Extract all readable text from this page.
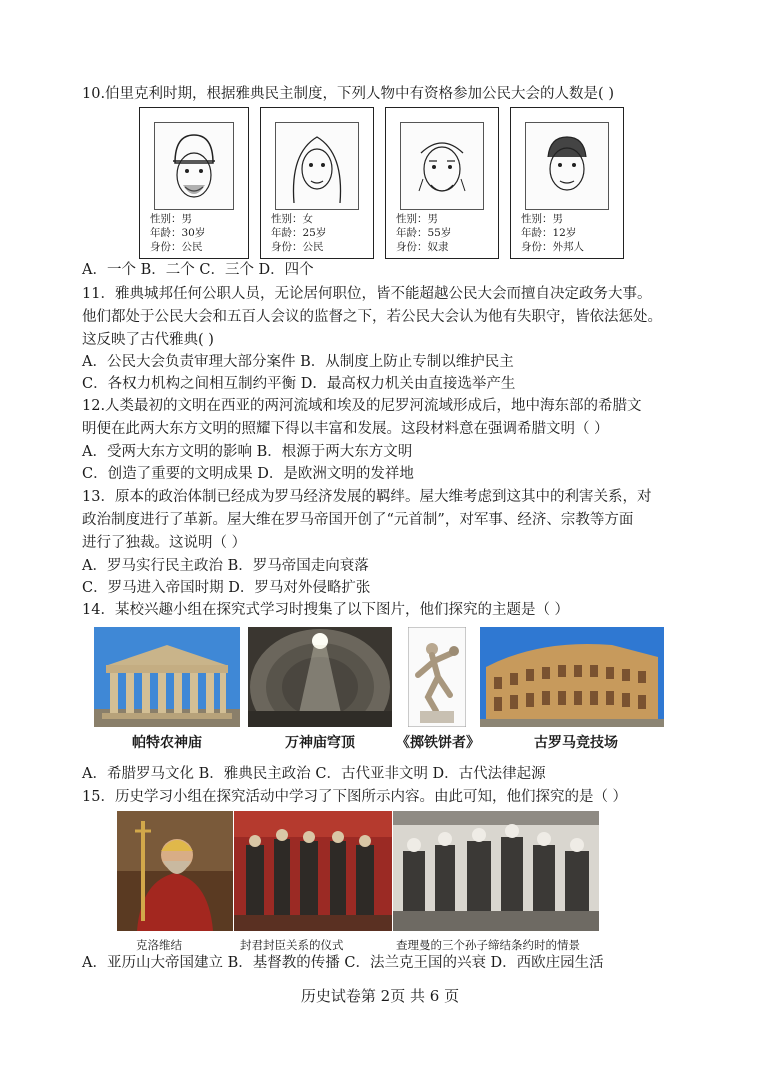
10.伯里克利时期，根据雅典民主制度，下列人物中有资格参加公民大会的人数是( )
性别：男
年龄：30岁
身份：公民
性别：女
年龄：25岁
身份：公民
性别：男
年龄：55岁
身份：奴隶
性别：男
年龄：12岁
身份：外邦人
A．一个 B．二个 C．三个 D．四个
11．雅典城邦任何公职人员，无论居何职位，皆不能超越公民大会而擅自决定政务大事。
他们都处于公民大会和五百人会议的监督之下，若公民大会认为他有失职守，皆依法惩处。
这反映了古代雅典( )
A．公民大会负责审理大部分案件 B．从制度上防止专制以维护民主
C．各权力机构之间相互制约平衡 D．最高权力机关由直接选举产生
12.人类最初的文明在西亚的两河流域和埃及的尼罗河流域形成后，地中海东部的希腊文
明便在此两大东方文明的照耀下得以丰富和发展。这段材料意在强调希腊文明（ ）
A．受两大东方文明的影响 B．根源于两大东方文明
C．创造了重要的文明成果 D．是欧洲文明的发祥地
13．原本的政治体制已经成为罗马经济发展的羁绊。屋大维考虑到这其中的利害关系，对
政治制度进行了革新。屋大维在罗马帝国开创了“元首制”，对军事、经济、宗教等方面
进行了独裁。这说明（ ）
A．罗马实行民主政治 B．罗马帝国走向衰落
C．罗马进入帝国时期 D．罗马对外侵略扩张
14．某校兴趣小组在探究式学习时搜集了以下图片，他们探究的主题是（ ）
帕特农神庙	万神庙穹顶	《掷铁饼者》	古罗马竞技场
A．希腊罗马文化 B．雅典民主政治 C．古代亚非文明 D．古代法律起源
15．历史学习小组在探究活动中学习了下图所示内容。由此可知，他们探究的是（ ）
克洛维结	封君封臣关系的仪式	查理曼的三个孙子缔结条约时的情景
A．亚历山大帝国建立 B．基督教的传播 C．法兰克王国的兴衰 D．西欧庄园生活
历史试卷第 2页 共 6 页
